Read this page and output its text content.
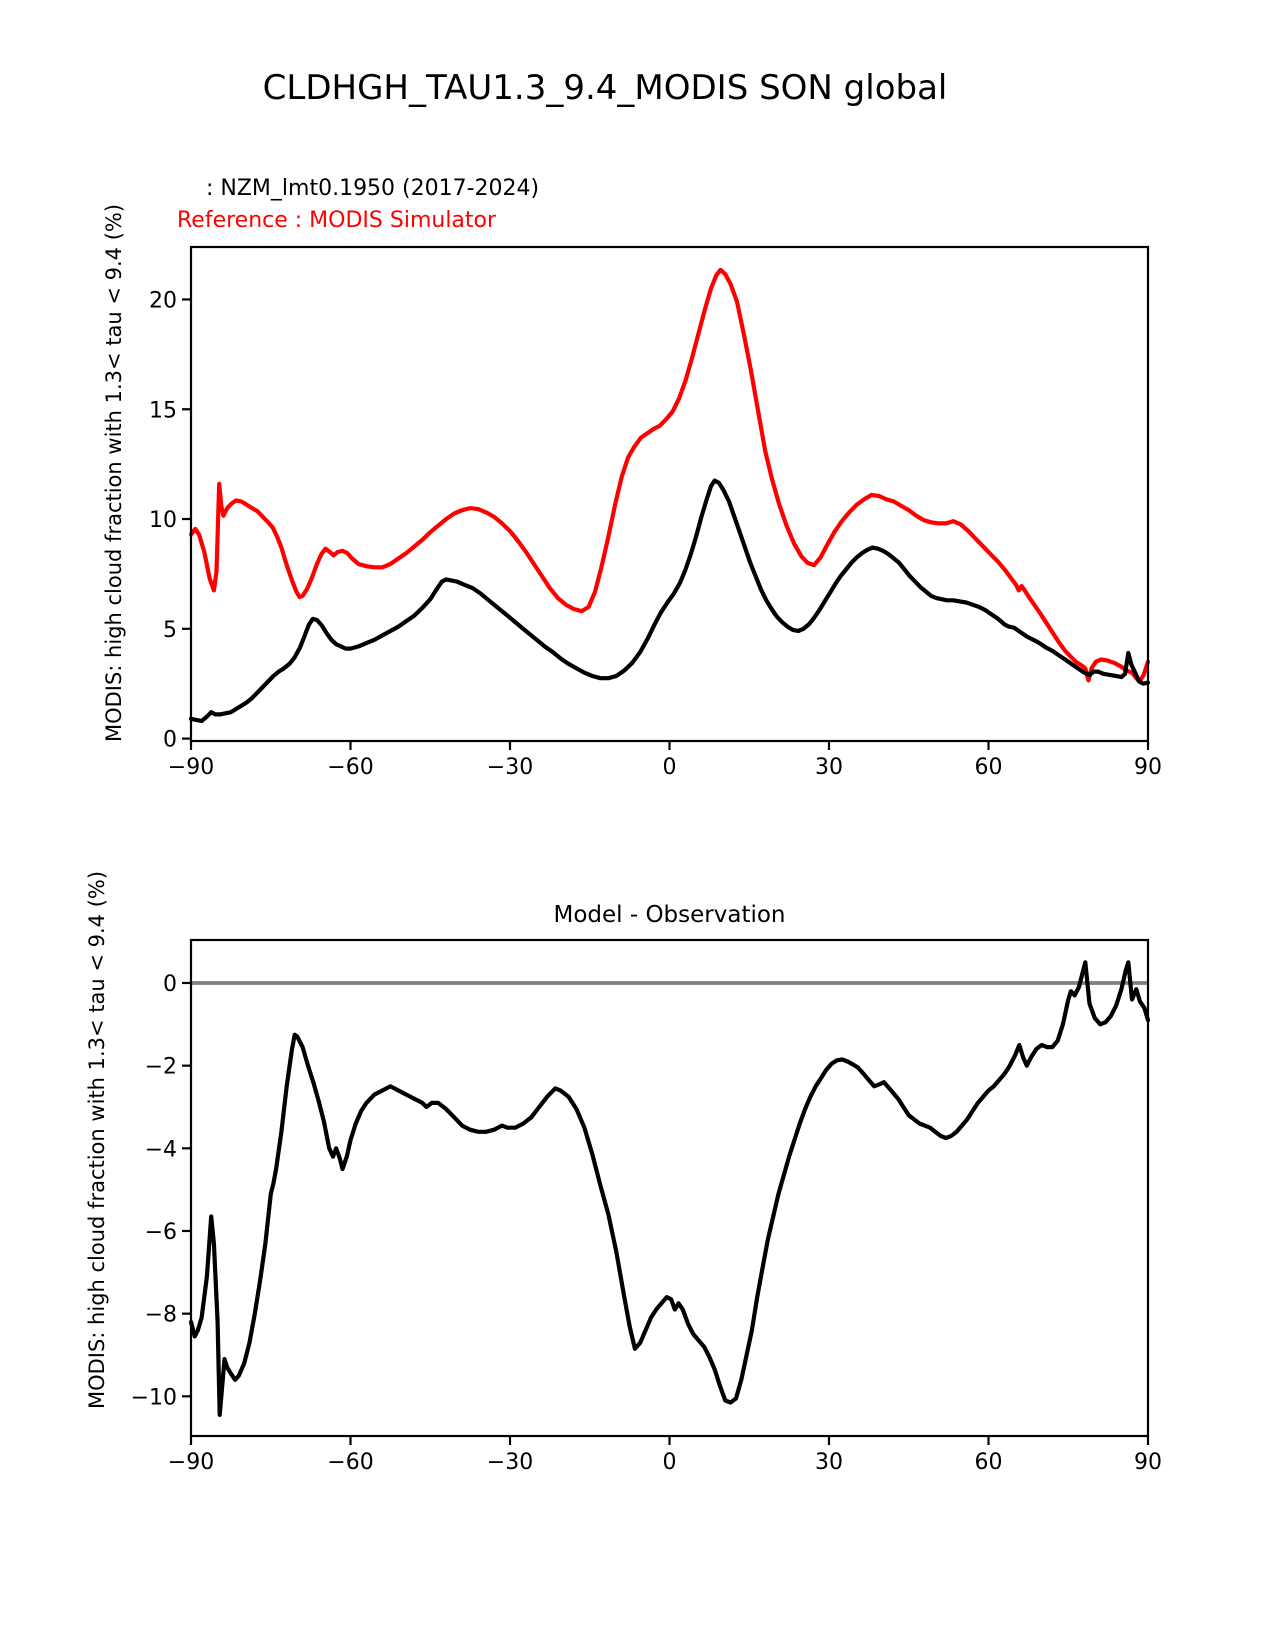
CLDHGH_TAU1.3_9.4_MODIS SON global
: NZM_lmt0.1950 (2017-2024)
Reference : MODIS Simulator
−90	−60	−30	0	30	60	90
0
5
10
15
20
MODIS: high cloud fraction with 1.3< tau < 9.4 (%)
−90	−60	−30	0	30	60	90
0
−2
−4
−6
−8
−10
Model - Observation
MODIS: high cloud fraction with 1.3< tau < 9.4 (%)
